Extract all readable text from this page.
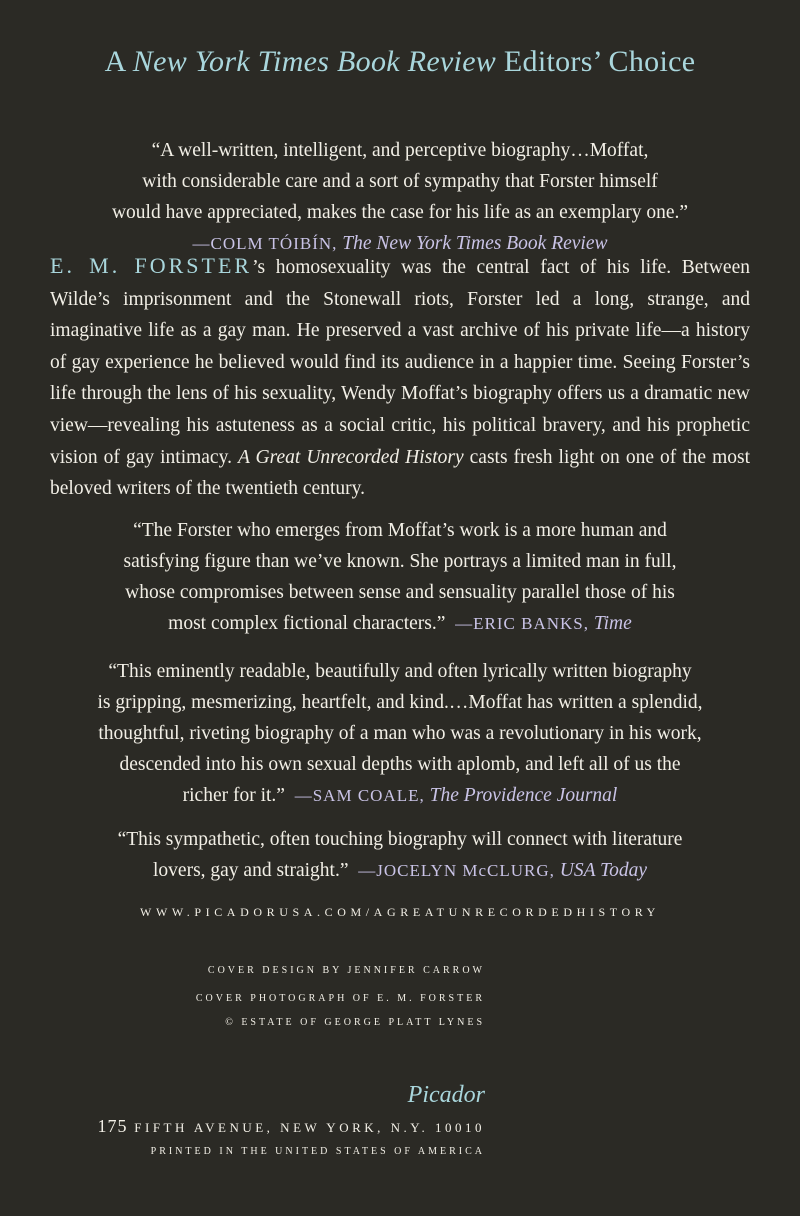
A New York Times Book Review Editors’ Choice
“A well-written, intelligent, and perceptive biography…Moffat,
with considerable care and a sort of sympathy that Forster himself
would have appreciated, makes the case for his life as an exemplary one.”
—COLM TÓIBÍN, The New York Times Book Review
E. M. FORSTER’s homosexuality was the central fact of his life. Between Wilde’s imprisonment and the Stonewall riots, Forster led a long, strange, and imaginative life as a gay man. He preserved a vast archive of his private life—a history of gay experience he believed would find its audience in a happier time. Seeing Forster’s life through the lens of his sexuality, Wendy Moffat’s biography offers us a dramatic new view—revealing his astuteness as a social critic, his political bravery, and his prophetic vision of gay intimacy. A Great Unrecorded History casts fresh light on one of the most beloved writers of the twentieth century.
“The Forster who emerges from Moffat’s work is a more human and
satisfying figure than we’ve known. She portrays a limited man in full,
whose compromises between sense and sensuality parallel those of his
most complex fictional characters.” —ERIC BANKS, Time
“This eminently readable, beautifully and often lyrically written biography
is gripping, mesmerizing, heartfelt, and kind.…Moffat has written a splendid,
thoughtful, riveting biography of a man who was a revolutionary in his work,
descended into his own sexual depths with aplomb, and left all of us the
richer for it.” —SAM COALE, The Providence Journal
“This sympathetic, often touching biography will connect with literature
lovers, gay and straight.” —JOCELYN McCLURG, USA Today
WWW.PICADORUSA.COM/AGREATUNRECORDEDHISTORY
COVER DESIGN BY JENNIFER CARROW
COVER PHOTOGRAPH OF E. M. FORSTER
© ESTATE OF GEORGE PLATT LYNES
Picador
175 FIFTH AVENUE, NEW YORK, N.Y. 10010
PRINTED IN THE UNITED STATES OF AMERICA
